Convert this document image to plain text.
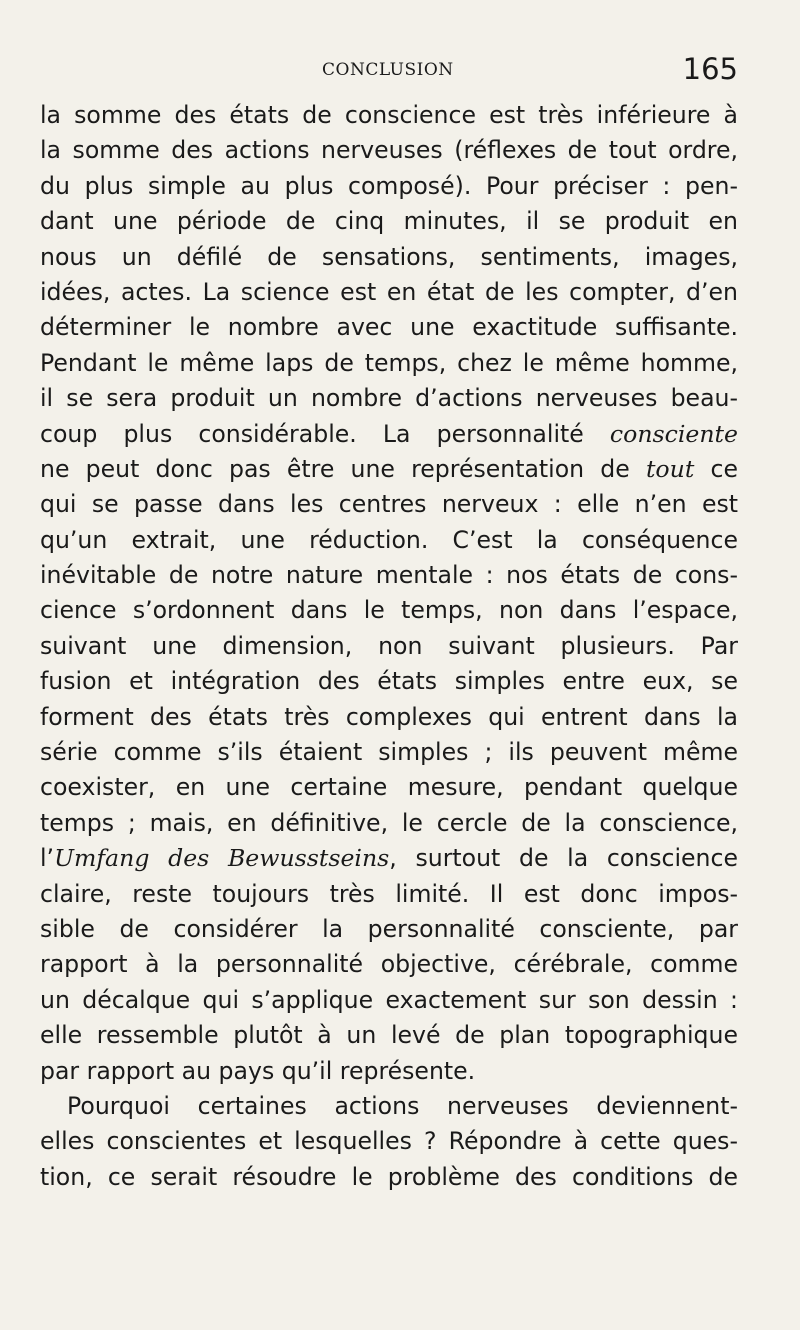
CONCLUSION	165
la somme des états de conscience est très inférieure à
la somme des actions nerveuses (réflexes de tout ordre,
du plus simple au plus composé). Pour préciser : pen-
dant une période de cinq minutes, il se produit en
nous un défilé de sensations, sentiments, images,
idées, actes. La science est en état de les compter, d’en
déterminer le nombre avec une exactitude suffisante.
Pendant le même laps de temps, chez le même homme,
il se sera produit un nombre d’actions nerveuses beau-
coup plus considérable. La personnalité consciente
ne peut donc pas être une représentation de tout ce
qui se passe dans les centres nerveux : elle n’en est
qu’un extrait, une réduction. C’est la conséquence
inévitable de notre nature mentale : nos états de cons-
cience s’ordonnent dans le temps, non dans l’espace,
suivant une dimension, non suivant plusieurs. Par
fusion et intégration des états simples entre eux, se
forment des états très complexes qui entrent dans la
série comme s’ils étaient simples ; ils peuvent même
coexister, en une certaine mesure, pendant quelque
temps ; mais, en définitive, le cercle de la conscience,
l’Umfang des Bewusstseins, surtout de la conscience
claire, reste toujours très limité. Il est donc impos-
sible de considérer la personnalité consciente, par
rapport à la personnalité objective, cérébrale, comme
un décalque qui s’applique exactement sur son dessin :
elle ressemble plutôt à un levé de plan topographique
par rapport au pays qu’il représente.
Pourquoi certaines actions nerveuses deviennent-
elles conscientes et lesquelles ? Répondre à cette ques-
tion, ce serait résoudre le problème des conditions de
